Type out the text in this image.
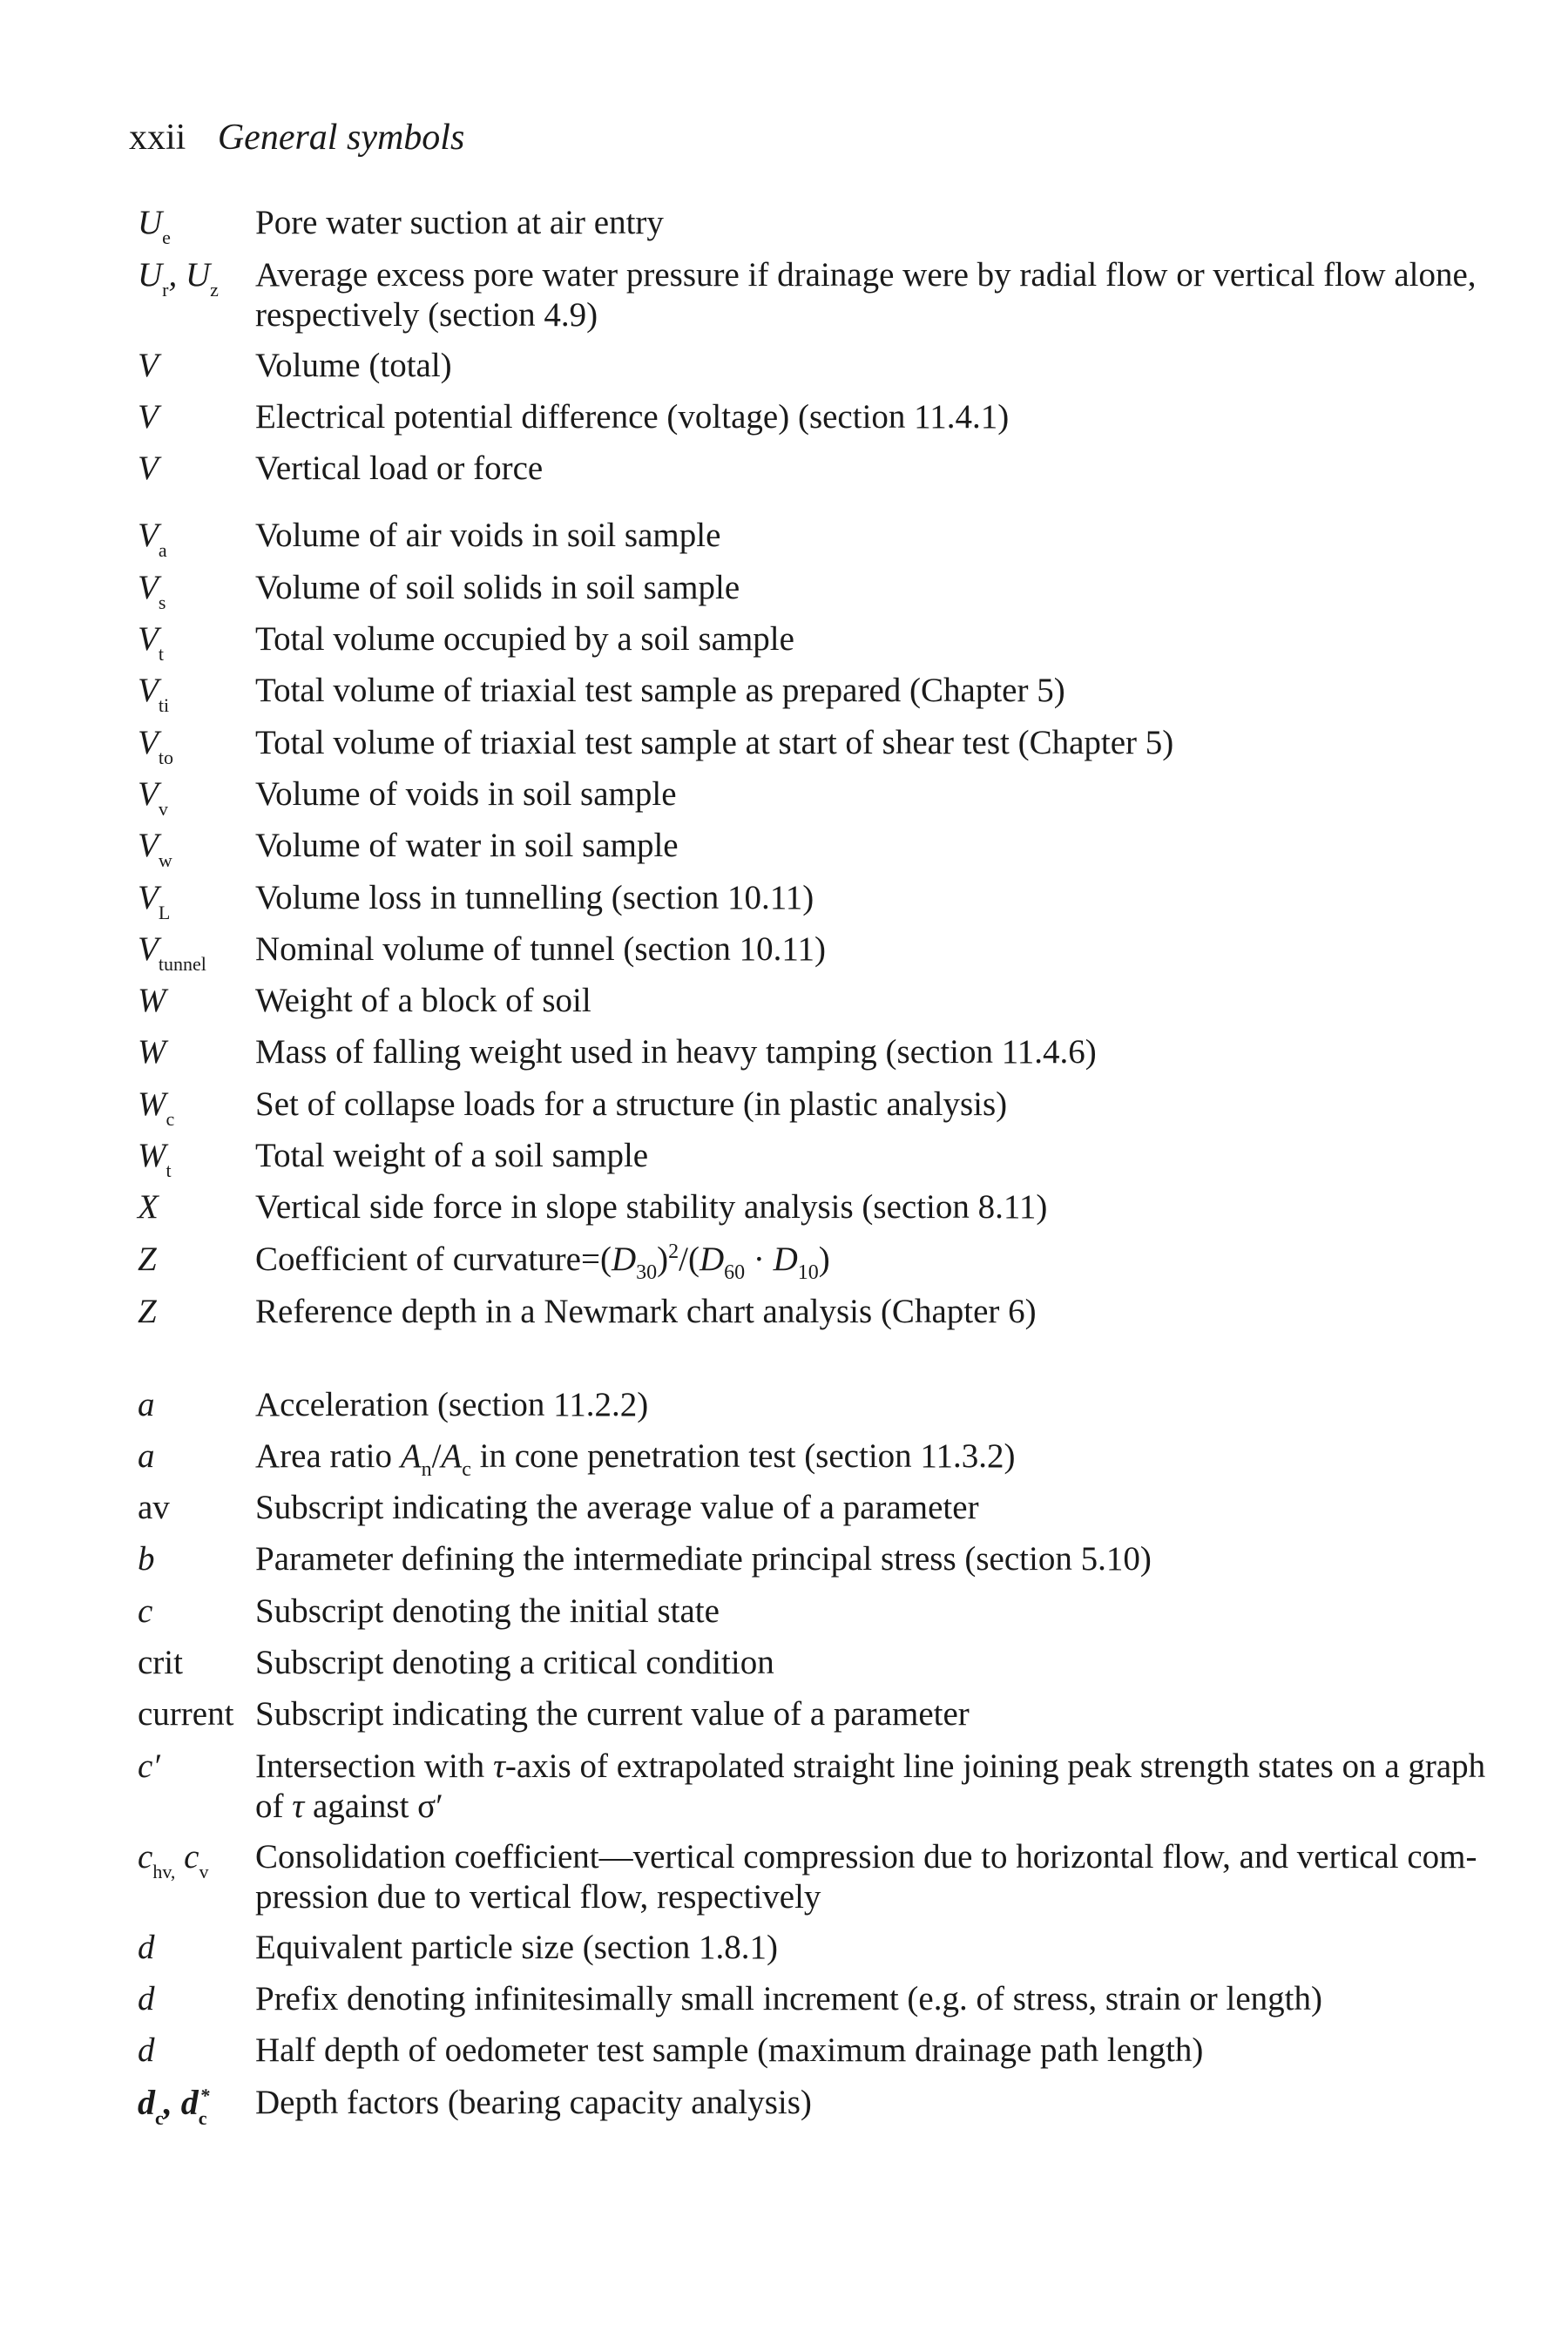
xxii General symbols
$U_e$ Pore water suction at air entry
$U_r$, $U_z$ Average excess pore water pressure if drainage were by radial flow or vertical flow alone,
respectively (section 4.9)
V	Volume (total)
V	Electrical potential difference (voltage) (section 11.4.1)
V	Vertical load or force
$V_a$	Volume of air voids in soil sample
$V_s$	Volume of soil solids in soil sample
$V_t$	Total volume occupied by a soil sample
$V_{ti}$	Total volume of triaxial test sample as prepared (Chapter 5)
$V_{to}$ Total volume of triaxial test sample at start of shear test (Chapter 5)
$V_v$	Volume of voids in soil sample
$V_w$ Volume of water in soil sample
$V_L$	Volume loss in tunnelling (section 10.11)
$V_{tunnel}$ Nominal volume of tunnel (section 10.11)
W	Weight of a block of soil
W	Mass of falling weight used in heavy tamping (section 11.4.6)
$W_c$ Set of collapse loads for a structure (in plastic analysis)
$W_t$ Total weight of a soil sample
X	Vertical side force in slope stability analysis (section 8.11)
Z	Coefficient of $curvature=(D_{30})^2/(D_{60} \cdot D_{10})$
Z	Reference depth in a Newmark chart analysis (Chapter 6)
a	Acceleration (section 11.2.2)
a	Area ratio $A_n/A_c$ in cone penetration test (section 11.3.2)
av	Subscript indicating the average value of a parameter
b	Parameter defining the intermediate principal stress (section 5.10)
c	Subscript denoting the initial state
crit Subscript denoting a critical condition
current Subscript indicating the current value of a parameter
c′	Intersection with τ-axis of extrapolated straight line joining peak strength states on a graph
of τ against σ′
$c_{hv,}$ $c_v$ Consolidation coefficient—vertical compression due to horizontal flow, and vertical com-
pression due to vertical flow, respectively
d	Equivalent particle size (section 1.8.1)
d	Prefix denoting infinitesimally small increment (e.g. of stress, strain or length)
d	Half depth of oedometer test sample (maximum drainage path length)
$d_c$, $d_c^*$ Depth factors (bearing capacity analysis)
